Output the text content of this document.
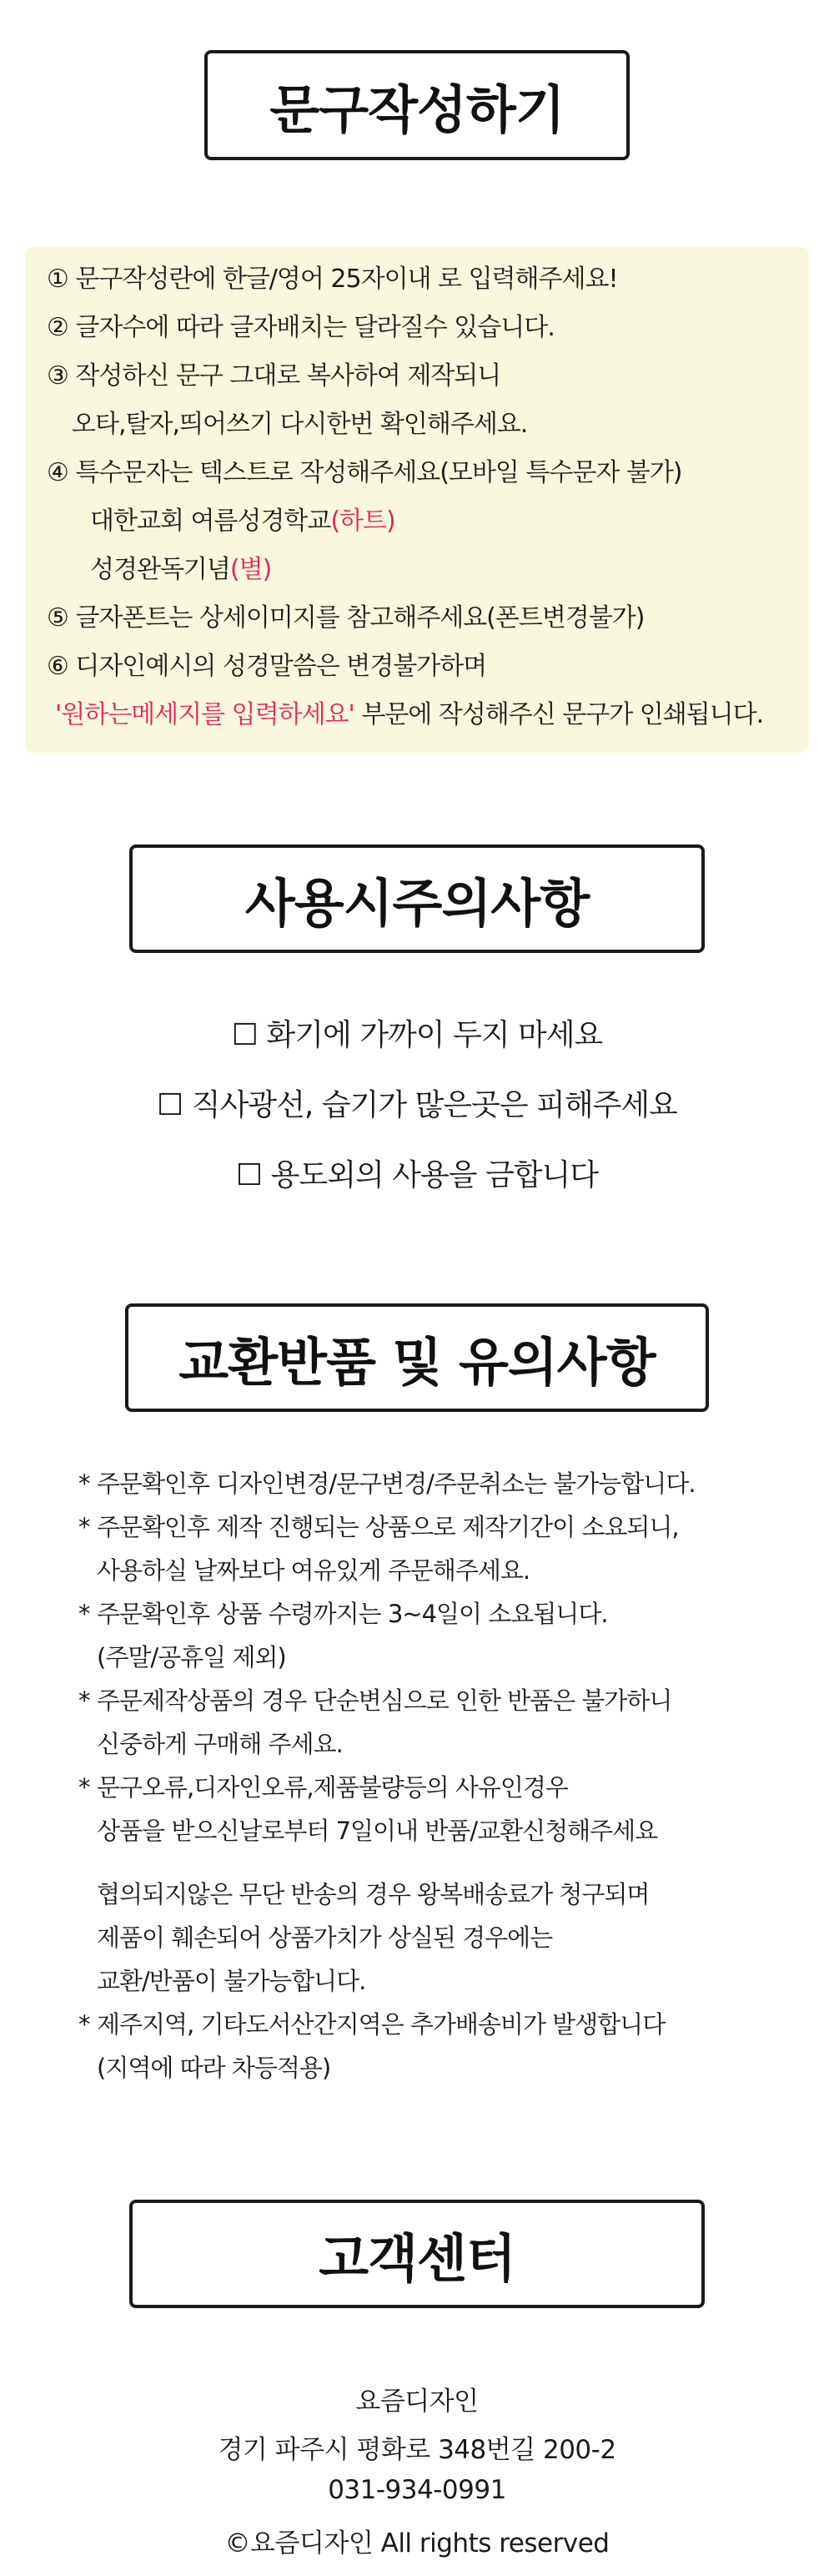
문구작성하기
① 문구작성란에 한글/영어 25자이내 로 입력해주세요!
② 글자수에 따라 글자배치는 달라질수 있습니다.
③ 작성하신 문구 그대로 복사하여 제작되니
오타,탈자,띄어쓰기 다시한번 확인해주세요.
④ 특수문자는 텍스트로 작성해주세요(모바일 특수문자 불가)
대한교회 여름성경학교(하트)
성경완독기념(별)
⑤ 글자폰트는 상세이미지를 참고해주세요(폰트변경불가)
⑥ 디자인예시의 성경말씀은 변경불가하며
'원하는메세지를 입력하세요' 부문에 작성해주신 문구가 인쇄됩니다.
사용시주의사항
☐ 화기에 가까이 두지 마세요
☐ 직사광선, 습기가 많은곳은 피해주세요
☐ 용도외의 사용을 금합니다
교환반품 및 유의사항
* 주문확인후 디자인변경/문구변경/주문취소는 불가능합니다.
* 주문확인후 제작 진행되는 상품으로 제작기간이 소요되니,
사용하실 날짜보다 여유있게 주문해주세요.
* 주문확인후 상품 수령까지는 3~4일이 소요됩니다.
(주말/공휴일 제외)
* 주문제작상품의 경우 단순변심으로 인한 반품은 불가하니
신중하게 구매해 주세요.
* 문구오류,디자인오류,제품불량등의 사유인경우
상품을 받으신날로부터 7일이내 반품/교환신청해주세요
협의되지않은 무단 반송의 경우 왕복배송료가 청구되며
제품이 훼손되어 상품가치가 상실된 경우에는
교환/반품이 불가능합니다.
* 제주지역, 기타도서산간지역은 추가배송비가 발생합니다
(지역에 따라 차등적용)
고객센터
요즘디자인
경기 파주시 평화로 348번길 200-2
031-934-0991
©요즘디자인 All rights reserved
